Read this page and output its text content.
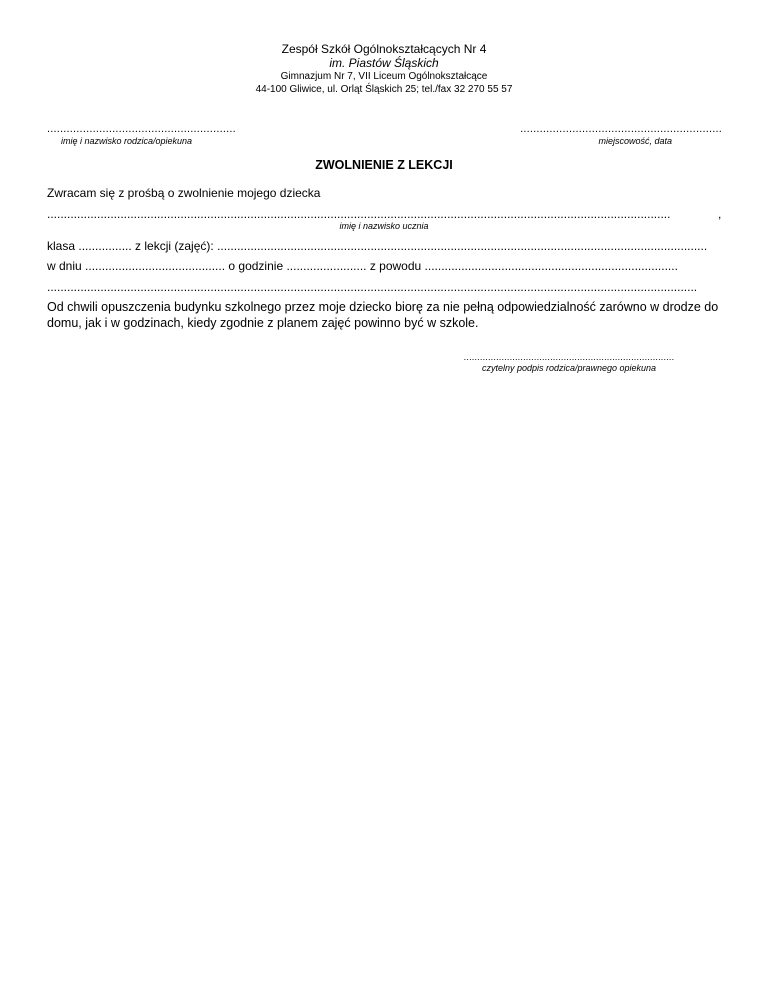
Zespół Szkół Ogólnokształcących Nr 4
im. Piastów Śląskich
Gimnazjum Nr 7, VII Liceum Ogólnokształcące
44-100 Gliwice, ul. Orląt Śląskich 25; tel./fax 32 270 55 57
..........................................................
imię i nazwisko rodzica/opiekuna
..............................................................
miejscowość, data
ZWOLNIENIE Z LEKCJI
Zwracam się z prośbą o zwolnienie mojego dziecka
...........................................................................................................................................................................................	,
imię i nazwisko ucznia
klasa ................ z lekcji (zajęć): ...................................................................................................................................................
w dniu .......................................... o godzinie ........................ z powodu ............................................................................
...................................................................................................................................................................................................
Od chwili opuszczenia budynku szkolnego przez moje dziecko biorę za nie pełną odpowiedzialność zarówno w drodze do domu, jak i w godzinach, kiedy zgodnie z planem zajęć powinno być w szkole.
..............................................................................
czytelny podpis rodzica/prawnego opiekuna
